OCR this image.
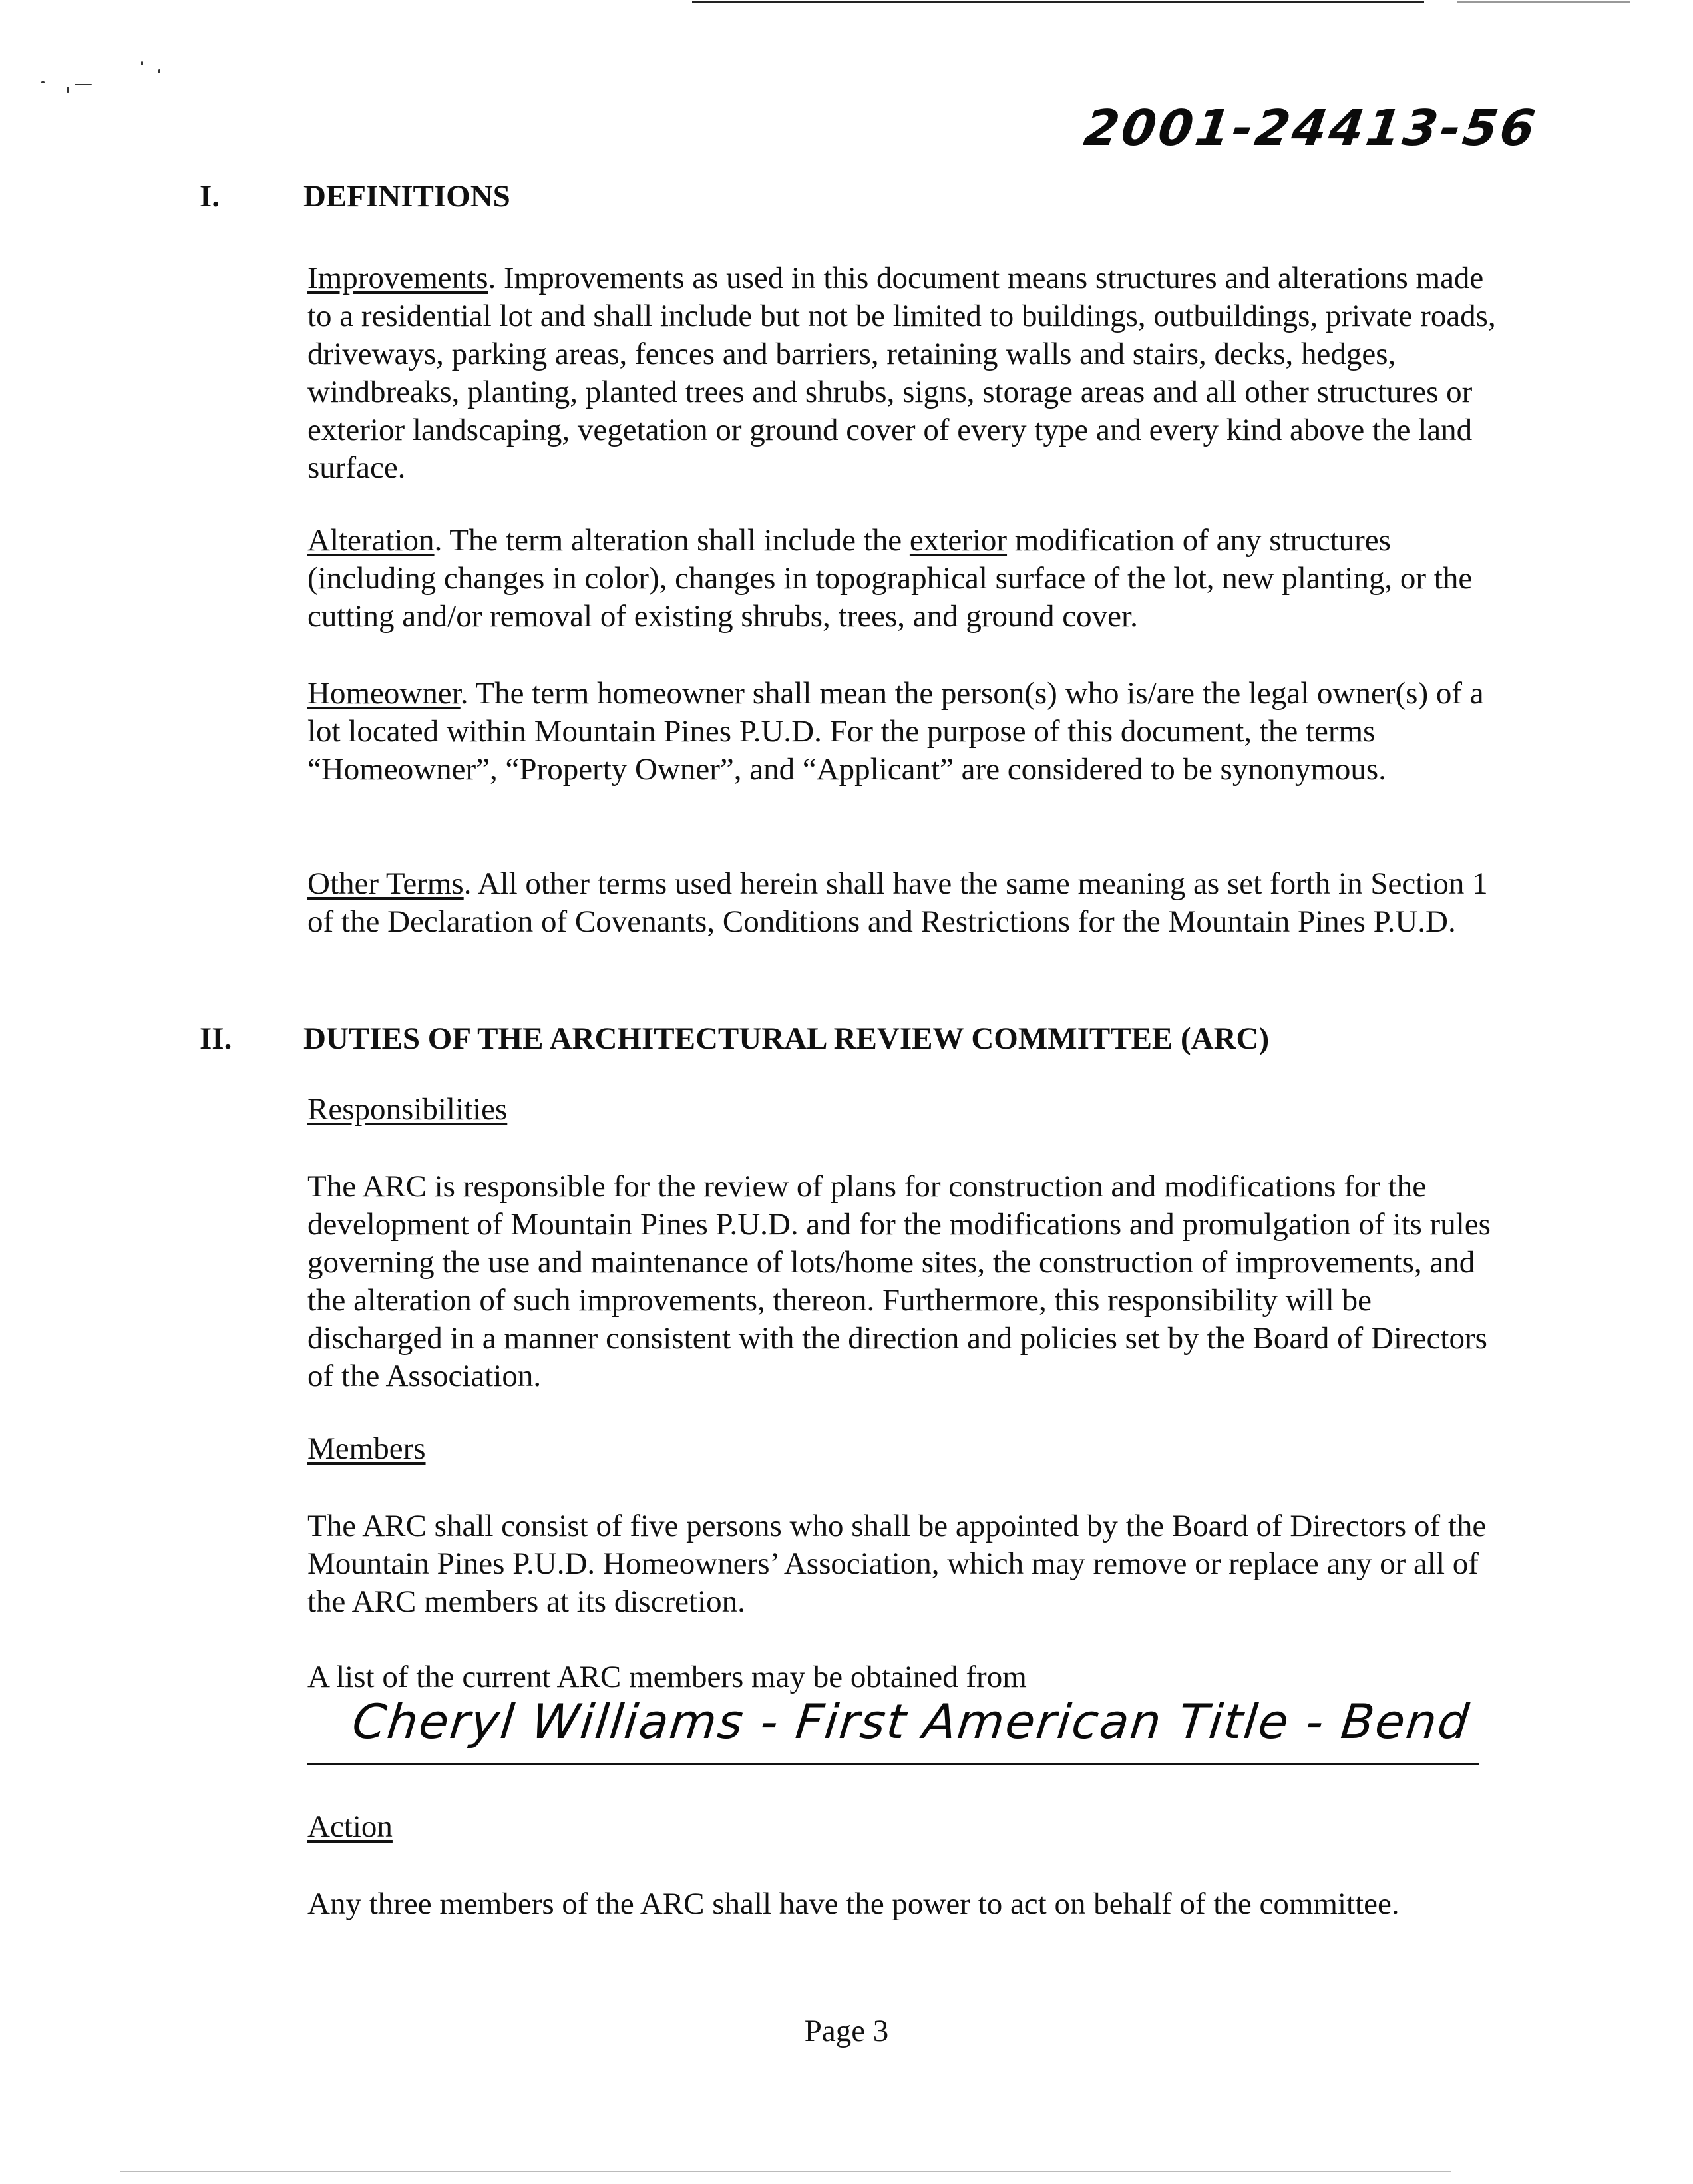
2001-24413-56
I.	DEFINITIONS

Improvements. Improvements as used in this document means structures and alterations made to a residential lot and shall include but not be limited to buildings, outbuildings, private roads, driveways, parking areas, fences and barriers, retaining walls and stairs, decks, hedges, windbreaks, planting, planted trees and shrubs, signs, storage areas and all other structures or exterior landscaping, vegetation or ground cover of every type and every kind above the land surface.

Alteration. The term alteration shall include the exterior modification of any structures (including changes in color), changes in topographical surface of the lot, new planting, or the cutting and/or removal of existing shrubs, trees, and ground cover.

Homeowner. The term homeowner shall mean the person(s) who is/are the legal owner(s) of a lot located within Mountain Pines P.U.D. For the purpose of this document, the terms “Homeowner”, “Property Owner”, and “Applicant” are considered to be synonymous.

Other Terms. All other terms used herein shall have the same meaning as set forth in Section 1 of the Declaration of Covenants, Conditions and Restrictions for the Mountain Pines P.U.D.

II. DUTIES OF THE ARCHITECTURAL REVIEW COMMITTEE (ARC)
Responsibilities

The ARC is responsible for the review of plans for construction and modifications for the development of Mountain Pines P.U.D. and for the modifications and promulgation of its rules governing the use and maintenance of lots/home sites, the construction of improvements, and the alteration of such improvements, thereon. Furthermore, this responsibility will be discharged in a manner consistent with the direction and policies set by the Board of Directors of the Association.

Members

The ARC shall consist of five persons who shall be appointed by the Board of Directors of the Mountain Pines P.U.D. Homeowners’ Association, which may remove or replace any or all of the ARC members at its discretion.

A list of the current ARC members may be obtained from

Cheryl Williams - First American Title - Bend
Action

Any three members of the ARC shall have the power to act on behalf of the committee.

Page 3
